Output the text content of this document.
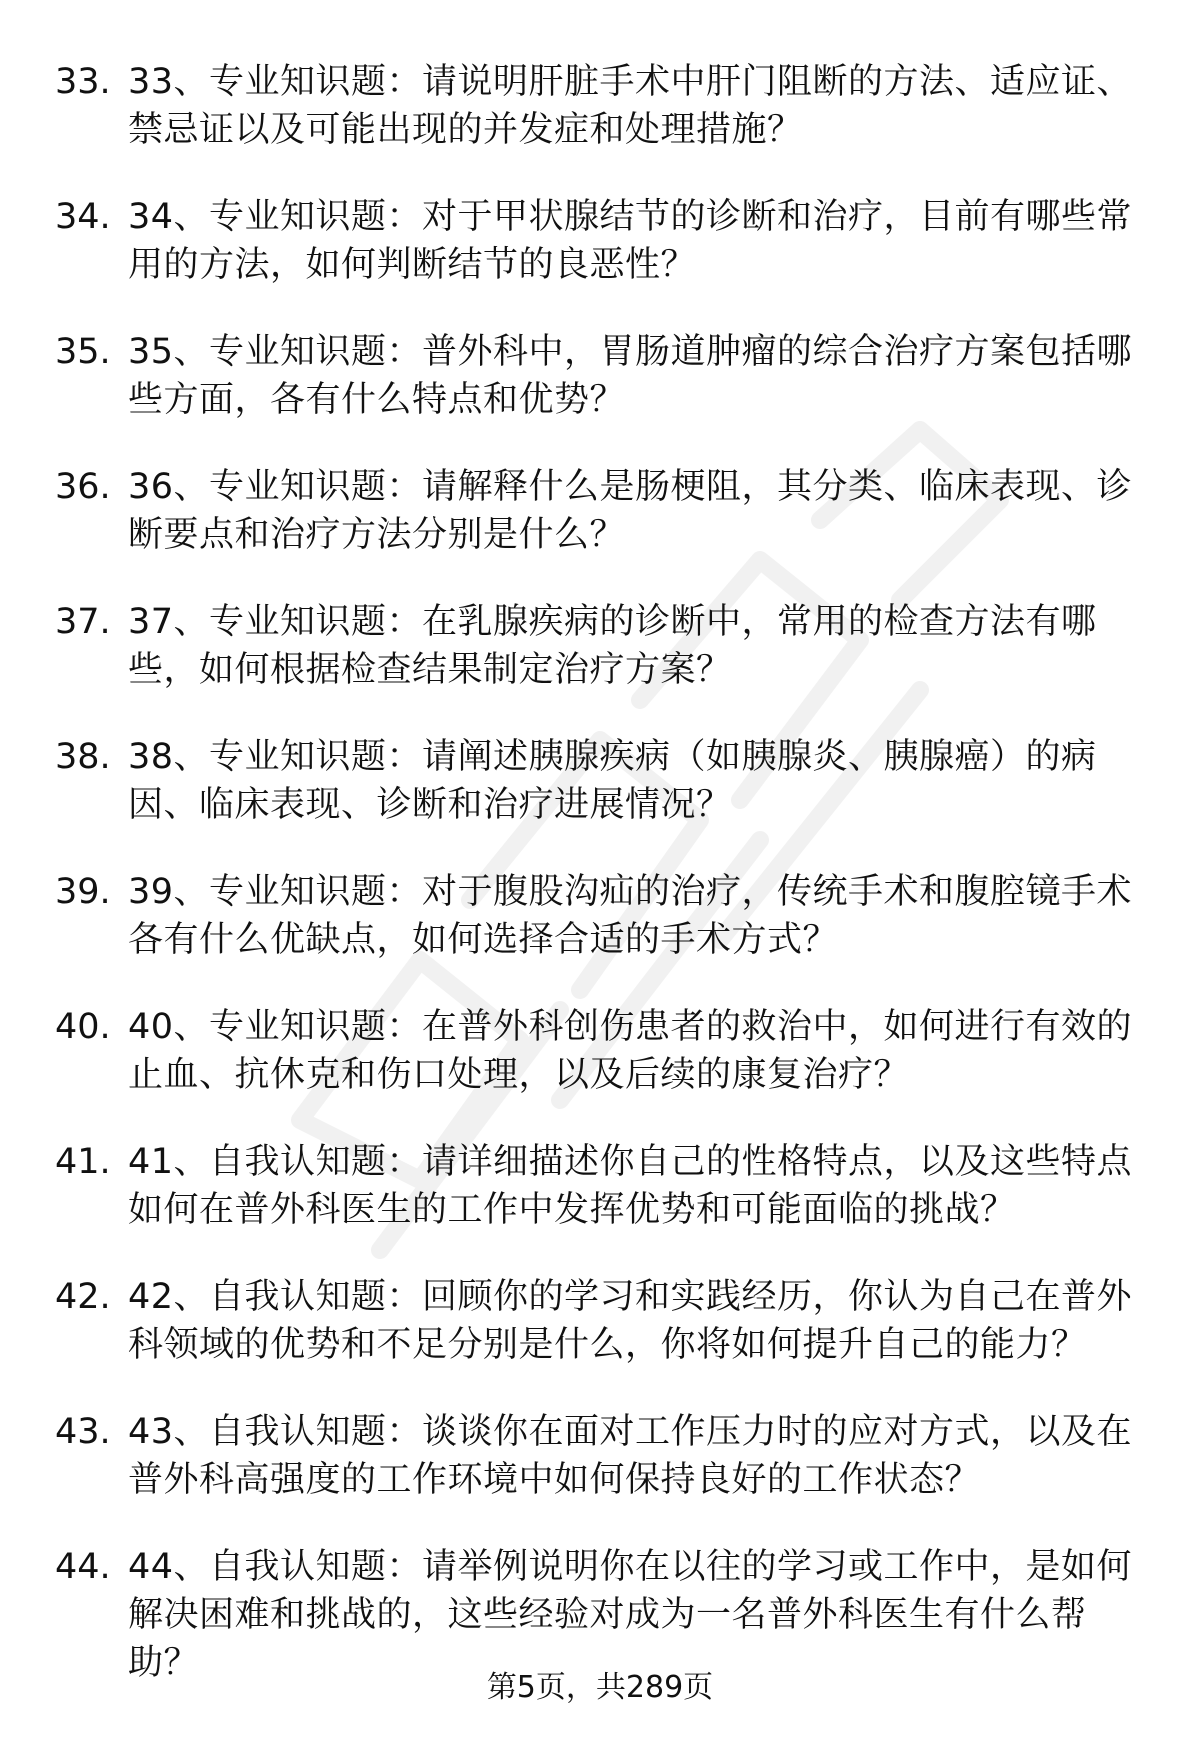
33. 33、专业知识题：请说明肝脏手术中肝门阻断的方法、适应证、禁忌证以及可能出现的并发症和处理措施？
34. 34、专业知识题：对于甲状腺结节的诊断和治疗，目前有哪些常用的方法，如何判断结节的良恶性？
35. 35、专业知识题：普外科中，胃肠道肿瘤的综合治疗方案包括哪些方面，各有什么特点和优势？
36. 36、专业知识题：请解释什么是肠梗阻，其分类、临床表现、诊断要点和治疗方法分别是什么？
37. 37、专业知识题：在乳腺疾病的诊断中，常用的检查方法有哪些，如何根据检查结果制定治疗方案？
38. 38、专业知识题：请阐述胰腺疾病（如胰腺炎、胰腺癌）的病因、临床表现、诊断和治疗进展情况？
39. 39、专业知识题：对于腹股沟疝的治疗，传统手术和腹腔镜手术各有什么优缺点，如何选择合适的手术方式？
40. 40、专业知识题：在普外科创伤患者的救治中，如何进行有效的止血、抗休克和伤口处理，以及后续的康复治疗？
41. 41、自我认知题：请详细描述你自己的性格特点，以及这些特点如何在普外科医生的工作中发挥优势和可能面临的挑战？
42. 42、自我认知题：回顾你的学习和实践经历，你认为自己在普外科领域的优势和不足分别是什么，你将如何提升自己的能力？
43. 43、自我认知题：谈谈你在面对工作压力时的应对方式，以及在普外科高强度的工作环境中如何保持良好的工作状态？
44. 44、自我认知题：请举例说明你在以往的学习或工作中，是如何解决困难和挑战的，这些经验对成为一名普外科医生有什么帮助？
第5页，共289页
